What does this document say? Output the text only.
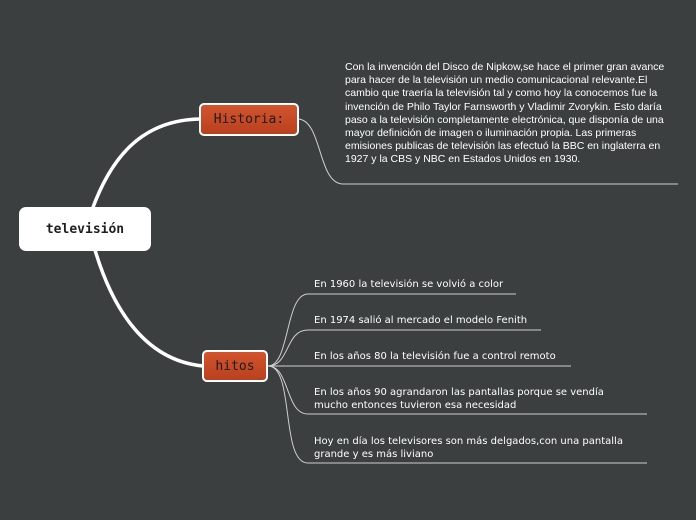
televisión
Historia:
hitos
Con la invención del Disco de Nipkow,se hace el primer gran avance para hacer de la televisión un medio comunicacional relevante.El cambio que traería la televisión tal y como hoy la conocemos fue la invención de Philo Taylor Farnsworth y Vladimir Zvorykin. Esto daría paso a la televisión completamente electrónica, que disponía de una mayor definición de imagen o iluminación propia. Las primeras emisiones publicas de televisión las efectuó la BBC en inglaterra en 1927 y la CBS y NBC en Estados Unidos en 1930.
En 1960 la televisión se volvió a color
En 1974 salió al mercado el modelo Fenith
En los años 80 la televisión fue a control remoto
En los años 90 agrandaron las pantallas porque se vendía mucho entonces tuvieron esa necesidad
Hoy en día los televisores son más delgados,con una pantalla grande y es más liviano
